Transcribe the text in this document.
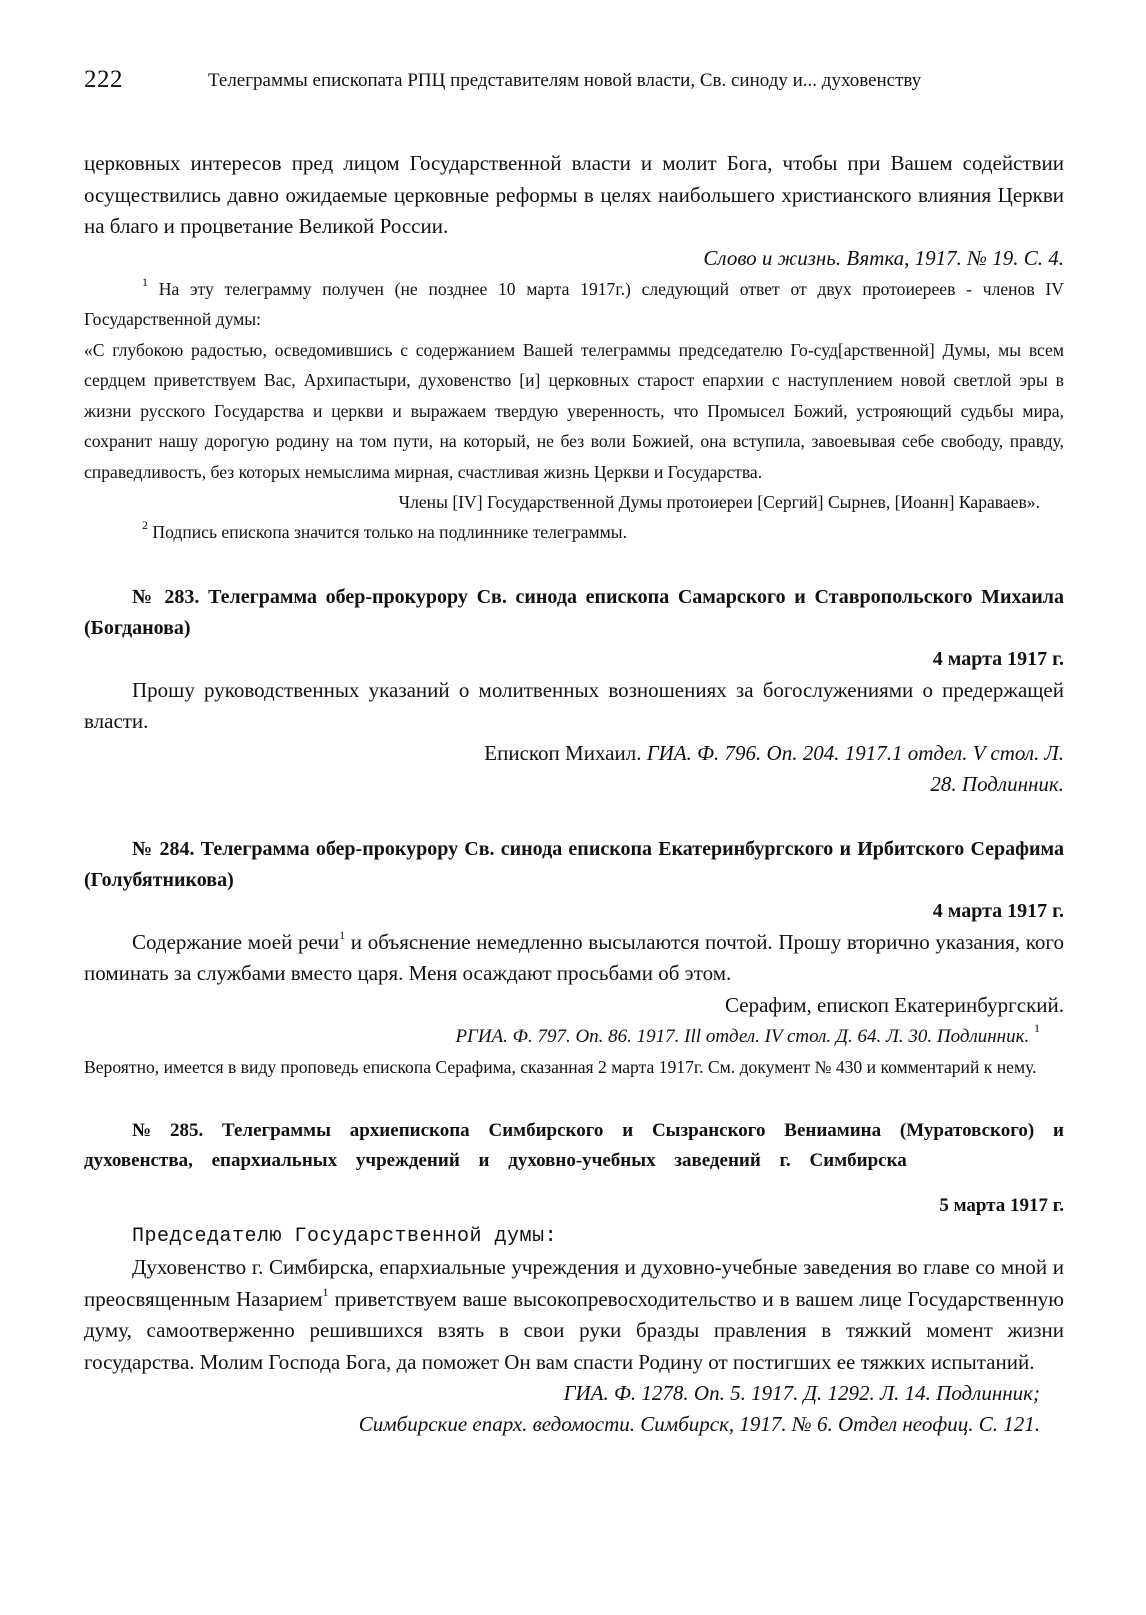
222	Телеграммы епископата РПЦ представителям новой власти, Св. синоду и... духовенству

церковных интересов пред лицом Государственной власти и молит Бога, чтобы при Вашем содействии осуществились давно ожидаемые церковные реформы в целях наибольшего христианского влияния Церкви на благо и процветание Великой России.

Слово и жизнь. Вятка, 1917. № 19. С. 4.

$^1$ На эту телеграмму получен (не позднее 10 марта 1917г.) следующий ответ от двух протоиереев - членов IV Государственной думы:

«С глубокою радостью, осведомившись с содержанием Вашей телеграммы председателю Го-суд[арственной] Думы, мы всем сердцем приветствуем Вас, Архипастыри, духовенство [и] церковных старост епархии с наступлением новой светлой эры в жизни русского Государства и церкви и выражаем твердую уверенность, что Промысел Божий, устрояющий судьбы мира, сохранит нашу дорогую родину на том пути, на который, не без воли Божией, она вступила, завоевывая себе свободу, правду, справедливость, без которых немыслима мирная, счастливая жизнь Церкви и Государства.

Члены [IV] Государственной Думы протоиереи [Сергий] Сырнев, [Иоанн] Караваев».

$^2$ Подпись епископа значится только на подлиннике телеграммы.

№ 283. Телеграмма обер-прокурору Св. синода епископа Самарского и Ставропольского Михаила (Богданова)

4 марта 1917 г.

Прошу руководственных указаний о молитвенных возношениях за богослужениями о предержащей власти.

Епископ Михаил. ГИА. Ф. 796. Оп. 204. 1917.1 отдел. V стол. Л.

28. Подлинник.

№ 284. Телеграмма обер-прокурору Св. синода епископа Екатеринбургского и Ирбитского Серафима (Голубятникова)

4 марта 1917 г.

Содержание моей речи$^1$ и объяснение немедленно высылаются почтой. Прошу вторично указания, кого поминать за службами вместо царя. Меня осаждают просьбами об этом.

Серафим, епископ Екатеринбургский.

РГИА. Ф. 797. Оп. 86. 1917. Ill отдел. IV стол. Д. 64. Л. 30. Подлинник. $^1$

Вероятно, имеется в виду проповедь епископа Серафима, сказанная 2 марта 1917г. См. документ № 430 и комментарий к нему.

№ 285. Телеграммы архиепископа Симбирского и Сызранского Вениамина (Муратовского) и духовенства, епархиальных учреждений и духовно-учебных заведений г. Симбирска

5 марта 1917 г.

Председателю Государственной думы:

Духовенство г. Симбирска, епархиальные учреждения и духовно-учебные заведения во главе со мной и преосвященным Назарием$^1$ приветствуем ваше высокопревосходительство и в вашем лице Государственную думу, самоотверженно решившихся взять в свои руки бразды правления в тяжкий момент жизни государства. Молим Господа Бога, да поможет Он вам спасти Родину от постигших ее тяжких испытаний.

ГИА. Ф. 1278. Оп. 5. 1917. Д. 1292. Л. 14. Подлинник;

Симбирские епарх. ведомости. Симбирск, 1917. № 6. Отдел неофиц. С. 121.
